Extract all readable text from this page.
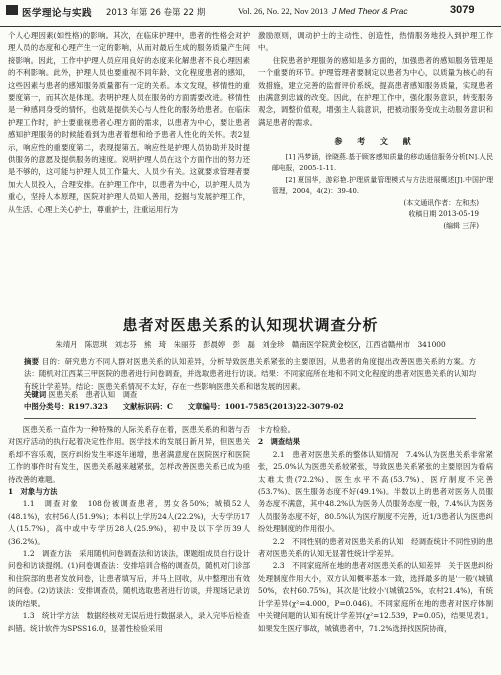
医学理论与实践 2013 年第 26 卷第 22 期	Vol. 26, No. 22, Nov 2013 J Med Theor & Prac	3079

个人心理因素(如性格)的影响。其次，在临床护理中，患者的性格会对护理人员的态度和心理产生一定的影响，从而对最后生成的服务质量产生间接影响。因此，工作中护理人员应用良好的态度来化解患者不良心理因素的不利影响。此外，护理人员也要重视不同年龄、文化程度患者的感知，这些因素与患者的感知服务质量都有一定的关系。本文发现，移情性的重要度第一，而其次是体现。表明护理人员在服务的方面需要改进。移情性是一种感同身受的情怀，也就是提供关心与人性化的服务给患者。在临床护理工作时，护士要重视患者心理方面的需求，以患者为中心，要让患者感知护理服务的时候能看到为患者着想和给予患者人性化的关怀。表2显示，响应性的重要度第二，表现提第五。响应性是护理人员协助并及时提供服务的意愿及提供服务的速度。说明护理人员在这个方面作出的努力还是不够的，这可能与护理人员工作量大、人员少有关。这就要求管理者要加大人员投入，合理安排。在护理工作中，以患者为中心，以护理人员为重心，坚持人本原理，医院对护理人员知人善用，挖掘与发展护理工作，从生活、心理上关心护士，尊重护士，注重运用行为

激励原则，调动护士的主动性、创造性，热情服务地投入到护理工作中。

住院患者护理服务的感知是多方面的，加强患者的感知服务管理是一个重要的环节。护理管理者要制定以患者为中心，以质量为核心的有效措施，建立完善的监督评价系统，提高患者感知服务质量，实现患者由满意到忠诚的改变。因此，在护理工作中，强化服务意识，转变服务观念，调整价值观，增强主人翁意识，把被动服务变成主动服务意识和满足患者的需求。

参 考 文 献

[1] 冯梦涵，徐晓燕.基于顾客感知质量的移动通信服务分析[N].人民邮电报，2005-1-11.

[2] 夏国华，游彩艳.护理质量管理模式与方法进展概述[J].中国护理管理，2004，4(2)：39-40.

(本文通讯作者：左和杰)

收稿日期 2013-05-19

(编辑 三萍)

患者对医患关系的认知现状调查分析
朱靖月　陈思琪　刘志芬　熊　琦　朱丽芬　彭晨婷　彭　磊　刘金珍　赣南医学院黄金校区，江西省赣州市　341000
摘要 目的：研究患方不同人群对医患关系的认知差异，分析导致医患关系紧张的主要原因，从患者的角度提出改善医患关系的方案。方法：随机对江西某三甲医院的患者进行问卷调查，并选取患者进行访谈。结果：不同家庭所在地和不同文化程度的患者对医患关系的认知均有统计学差异。结论：医患关系情况不太好，存在一些影响医患关系和谐发展的因素。
关键词 医患关系　患者认知　调查
中图分类号：R197.323　　文献标识码：C　　文章编号：1001-7585(2013)22-3079-02

医患关系一直作为一种特殊的人际关系存在着，医患关系的和谐与否对医疗活动的执行起着决定性作用。医学技术的发展日新月异，但医患关系却不容乐观，医疗纠纷发生率逐年递增，患者满意度在医院医疗和医院工作的事件时有发生，医患关系越来越紧张，怎样改善医患关系已成为亟待改善的难题。

1　对象与方法

1.1　调查对象　108份被调查患者，男女各50%；城镇52人(48.1%)，农村56人(51.9%)；本科以上学历24人(22.2%)，大专学历17人(15.7%)，高中或中专学历28人(25.9%)，初中及以下学历39人(36.2%)。

1.2　调查方法　采用随机问卷调查法和访谈法，课题组成员自行设计问卷和访谈提纲。(1)问卷调查法：安排培训合格的调查员，随机对门诊部和住院部的患者发放问卷，让患者填写后，并马上回收，从中整理出有效的问卷。(2)访谈法：安排调查员，随机选取患者进行访谈，并现场记录访谈的结果。

1.3　统计学方法　数据经核对无误后进行数据录入，录入完毕后检查纠错。统计软件为SPSS16.0，显著性检验采用

卡方检验。

2　调查结果

2.1　患者对医患关系的整体认知情况　7.4%认为医患关系非常紧张，25.0%认为医患关系较紧张，导致医患关系紧张的主要原因为看病太难太贵(72.2%)、医生水平不高(53.7%)、医疗制度不完善(53.7%)、医生服务态度不好(49.1%)。半数以上的患者对医务人员服务态度不满意，其中48.2%认为医务人员服务态度一般，7.4%认为医务人员服务态度不好，80.5%认为医疗制度不完善，近1/3患者认为医患纠纷处理制度的作用很小。

2.2　不同性别的患者对医患关系的认知　经调查统计不同性别的患者对医患关系的认知无显著性统计学差异。

2.3　不同家庭所在地的患者对医患关系的认知差异　关于医患纠纷处理制度作用大小，双方认知概率基本一致，选择最多的是'一般'(城镇50%，农村60.75%)，其次是'比较小'(城镇25%，农村21.4%)，有统计学差异(χ²=4.000，P=0.046)。不同家庭所在地的患者对医疗体制中关键问题的认知有统计学差异(χ²=12.539，P=0.05)，结果见表1。如果发生医疗事故，城镇患者中，71.2%选择找医院协商，
